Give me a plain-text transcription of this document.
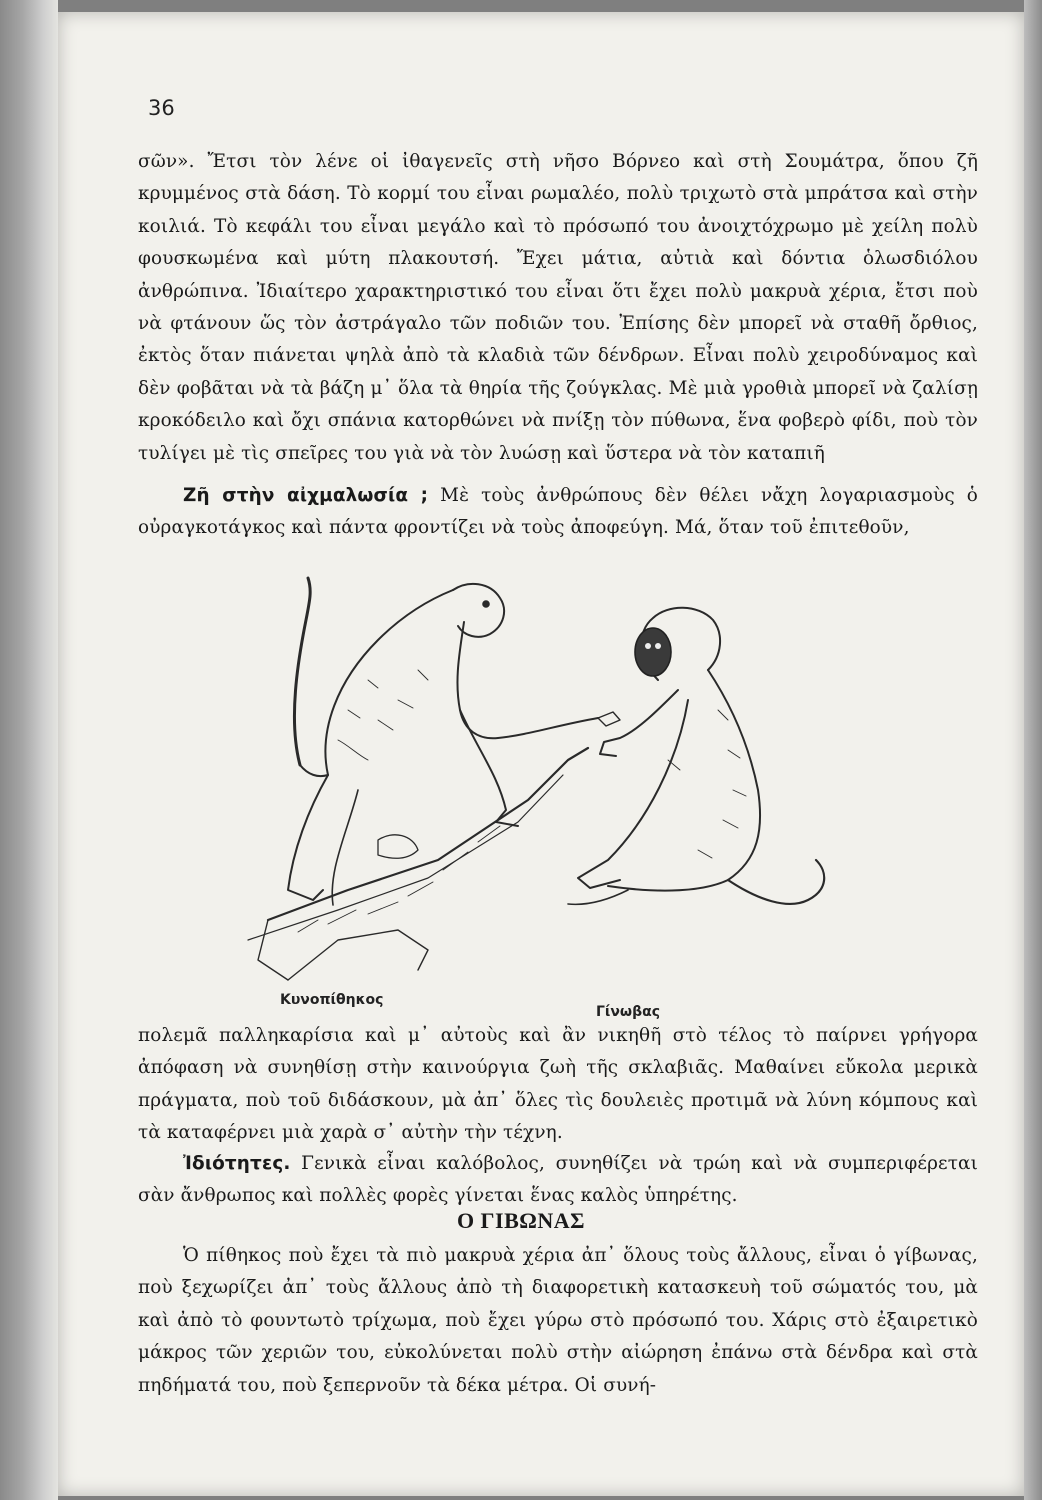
36

σῶν». Ἔτσι τὸν λένε οἱ ἰθαγενεῖς στὴ νῆσο Βόρνεο καὶ στὴ Σουμάτρα, ὅπου ζῆ κρυμμένος στὰ δάση. Τὸ κορμί του εἶναι ρωμαλέο, πολὺ τριχωτὸ στὰ μπράτσα καὶ στὴν κοιλιά. Τὸ κεφάλι του εἶναι μεγάλο καὶ τὸ πρόσωπό του ἀνοιχτόχρωμο μὲ χείλη πολὺ φουσκωμένα καὶ μύτη πλακουτσή. Ἔχει μάτια, αὐτιὰ καὶ δόντια ὁλωσδιόλου ἀνθρώπινα. Ἰδιαίτερο χαρακτηριστικό του εἶναι ὅτι ἔχει πολὺ μακρυὰ χέρια, ἔτσι ποὺ νὰ φτάνουν ὥς τὸν ἀστράγαλο τῶν ποδιῶν του. Ἐπίσης δὲν μπορεῖ νὰ σταθῆ ὄρθιος, ἐκτὸς ὅταν πιάνεται ψηλὰ ἀπὸ τὰ κλαδιὰ τῶν δένδρων. Εἶναι πολὺ χειροδύναμος καὶ δὲν φοβᾶται νὰ τὰ βάζη μ᾽ ὅλα τὰ θηρία τῆς ζούγκλας. Μὲ μιὰ γροθιὰ μπορεῖ νὰ ζαλίσῃ κροκόδειλο καὶ ὄχι σπάνια κατορθώνει νὰ πνίξῃ τὸν πύθωνα, ἕνα φοβερὸ φίδι, ποὺ τὸν τυλίγει μὲ τὶς σπεῖρες του γιὰ νὰ τὸν λυώσῃ καὶ ὕστερα νὰ τὸν καταπιῆ

Ζῆ στὴν αἰχμαλωσία ; Μὲ τοὺς ἀνθρώπους δὲν θέλει νἄχη λογαριασμοὺς ὁ οὐραγκοτάγκος καὶ πάντα φροντίζει νὰ τοὺς ἀποφεύγη. Μά, ὅταν τοῦ ἐπιτεθοῦν,

Κυνοπίθηκος
Γίνωβας

πολεμᾶ παλληκαρίσια καὶ μ᾽ αὐτοὺς καὶ ἂν νικηθῆ στὸ τέλος τὸ παίρνει γρήγορα ἀπόφαση νὰ συνηθίσῃ στὴν καινούργια ζωὴ τῆς σκλαβιᾶς. Μαθαίνει εὔκολα μερικὰ πράγματα, ποὺ τοῦ διδάσκουν, μὰ ἀπ᾽ ὅλες τὶς δουλειὲς προτιμᾶ νὰ λύνη κόμπους καὶ τὰ καταφέρνει μιὰ χαρὰ σ᾽ αὐτὴν τὴν τέχνη.

Ἰδιότητες. Γενικὰ εἶναι καλόβολος, συνηθίζει νὰ τρώη καὶ νὰ συμπεριφέρεται σὰν ἄνθρωπος καὶ πολλὲς φορὲς γίνεται ἕνας καλὸς ὑπηρέτης.

Ο ΓΙΒΩΝΑΣ

Ὁ πίθηκος ποὺ ἔχει τὰ πιὸ μακρυὰ χέρια ἀπ᾽ ὅλους τοὺς ἄλλους, εἶναι ὁ γίβωνας, ποὺ ξεχωρίζει ἀπ᾽ τοὺς ἄλλους ἀπὸ τὴ διαφορετικὴ κατασκευὴ τοῦ σώματός του, μὰ καὶ ἀπὸ τὸ φουντωτὸ τρίχωμα, ποὺ ἔχει γύρω στὸ πρόσωπό του. Χάρις στὸ ἐξαιρετικὸ μάκρος τῶν χεριῶν του, εὐκολύνεται πολὺ στὴν αἰώρηση ἐπάνω στὰ δένδρα καὶ στὰ πηδήματά του, ποὺ ξεπερνοῦν τὰ δέκα μέτρα. Οἱ συνή-
